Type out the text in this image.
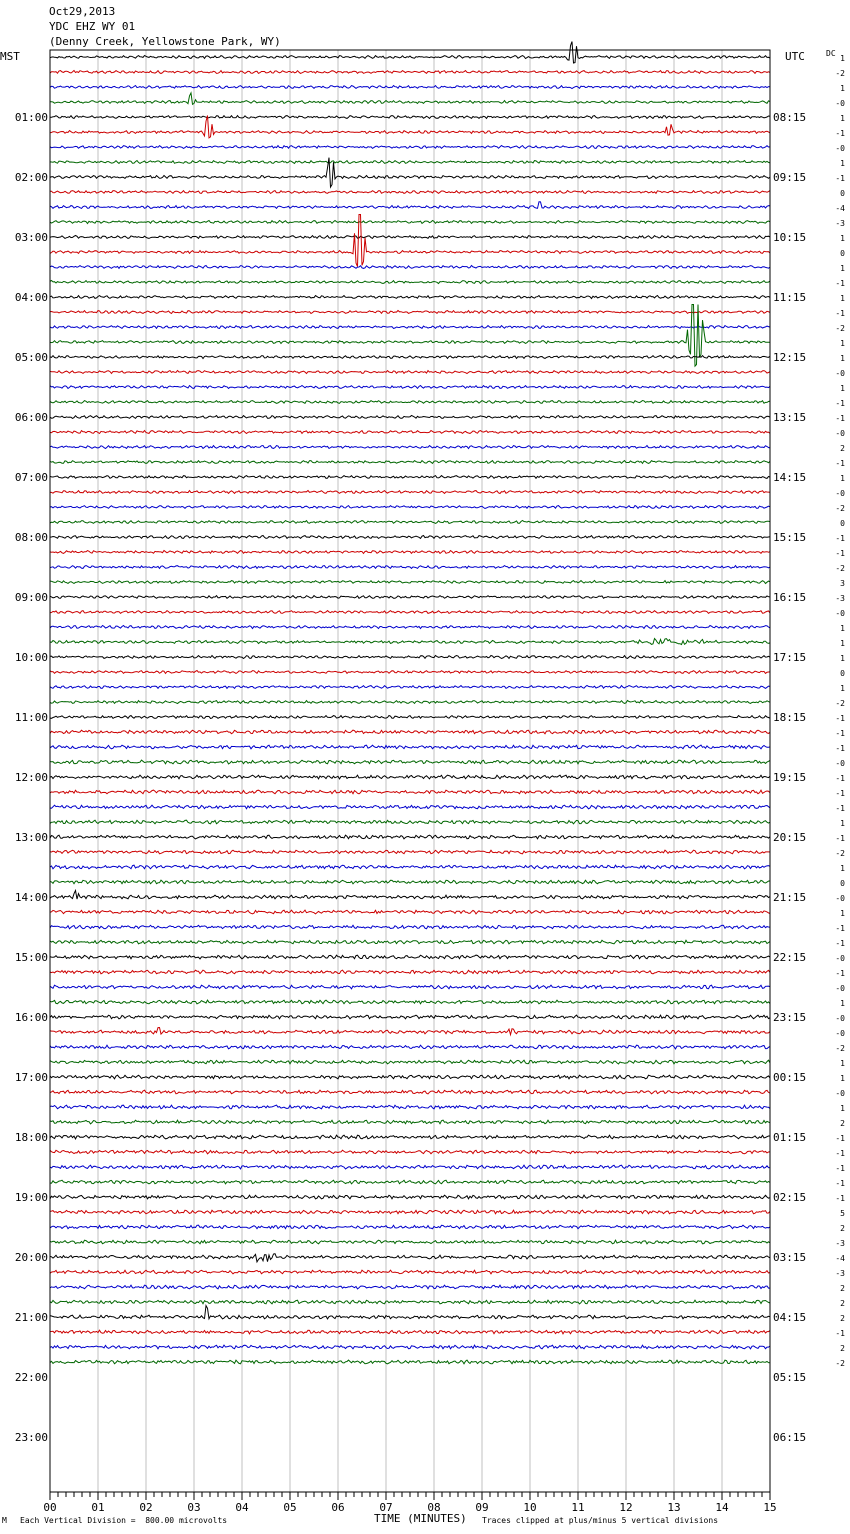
Oct29,2013
YDC EHZ WY 01
(Denny Creek, Yellowstone Park, WY)
MST	UTC	DC
01:00
02:00
03:00
04:00
05:00
06:00
07:00
08:00
09:00
10:00
11:00
12:00
13:00
14:00
15:00
16:00
17:00
18:00
19:00
20:00
21:00
22:00
23:00
08:15
09:15
10:15
11:15
12:15
13:15
14:15
15:15
16:15
17:15
18:15
19:15
20:15
21:15
22:15
23:15
00:15
01:15
02:15
03:15
04:15
05:15
06:15
1
-2
1
-0
1
-1
-0
1
-1
0
-4
-3
1
0
1
-1
1
-1
-2
1
1
-0
1
-1
-1
-0
2
-1
1
-0
-2
0
-1
-1
-2
3
-3
-0
1
1
1
0
1
-2
-1
-1
-1
-0
-1
-1
-1
1
-1
-2
1
0
-0
1
-1
-1
-0
-1
-0
1
-0
-0
-2
1
1
-0
1
2
-1
-1
-1
-1
-1
5
2
-3
-4
-3
2
2
2
-1
2
-2
00	01	02	03	04	05	06	07	08	09	10	11	12	13	14	15
M Each Vertical Division =  800.00 microvolts	TIME (MINUTES) Traces clipped at plus/minus 5 vertical divisions
